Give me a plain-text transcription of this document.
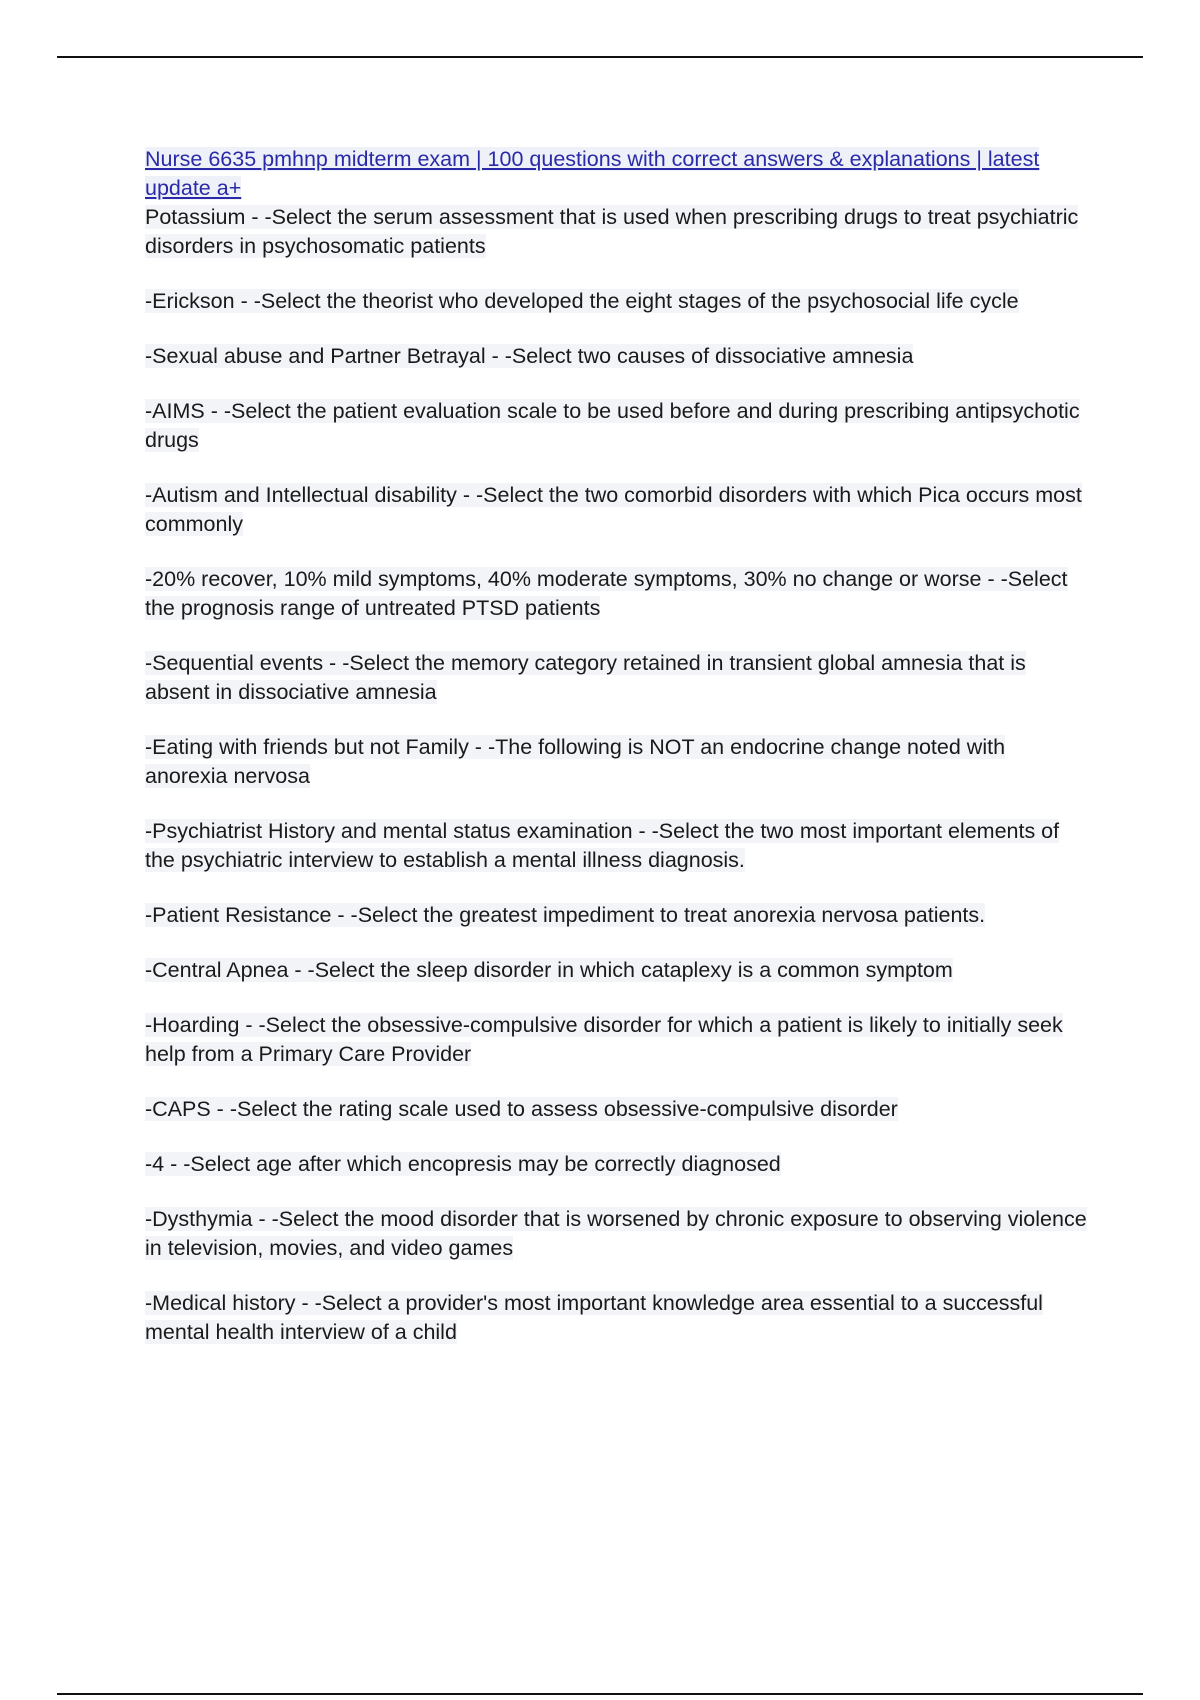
Nurse 6635 pmhnp midterm exam | 100 questions with correct answers & explanations | latest update a+

Potassium - -Select the serum assessment that is used when prescribing drugs to treat psychiatric disorders in psychosomatic patients

-Erickson - -Select the theorist who developed the eight stages of the psychosocial life cycle

-Sexual abuse and Partner Betrayal - -Select two causes of dissociative amnesia

-AIMS - -Select the patient evaluation scale to be used before and during prescribing antipsychotic drugs

-Autism and Intellectual disability - -Select the two comorbid disorders with which Pica occurs most commonly

-20% recover, 10% mild symptoms, 40% moderate symptoms, 30% no change or worse - -Select the prognosis range of untreated PTSD patients

-Sequential events - -Select the memory category retained in transient global amnesia that is absent in dissociative amnesia

-Eating with friends but not Family - -The following is NOT an endocrine change noted with anorexia nervosa

-Psychiatrist History and mental status examination - -Select the two most important elements of the psychiatric interview to establish a mental illness diagnosis.

-Patient Resistance - -Select the greatest impediment to treat anorexia nervosa patients.

-Central Apnea - -Select the sleep disorder in which cataplexy is a common symptom

-Hoarding - -Select the obsessive-compulsive disorder for which a patient is likely to initially seek help from a Primary Care Provider

-CAPS - -Select the rating scale used to assess obsessive-compulsive disorder

-4 - -Select age after which encopresis may be correctly diagnosed

-Dysthymia - -Select the mood disorder that is worsened by chronic exposure to observing violence in television, movies, and video games

-Medical history - -Select a provider's most important knowledge area essential to a successful mental health interview of a child
